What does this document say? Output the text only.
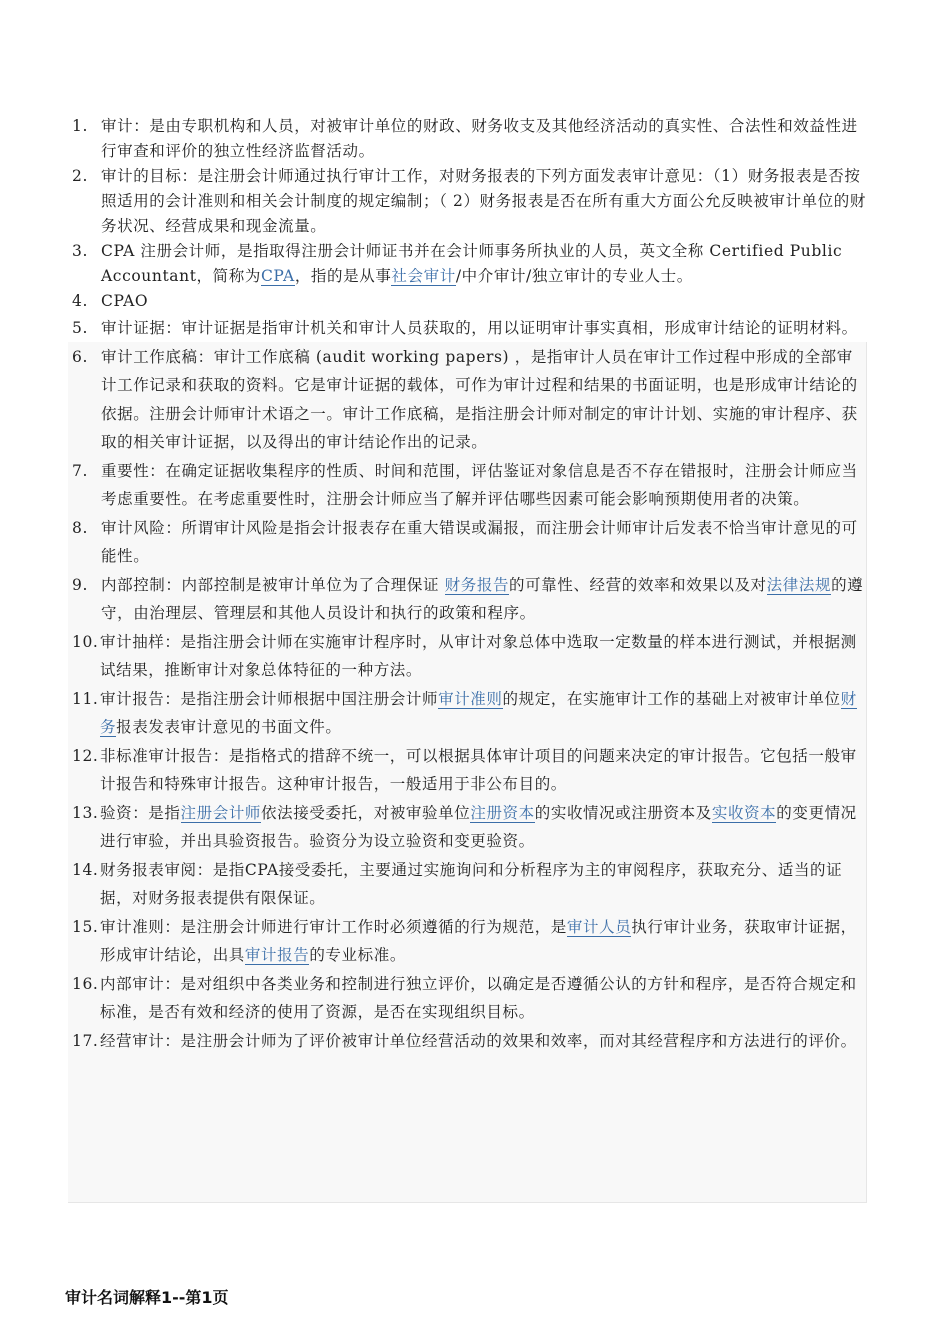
1. 审计：是由专职机构和人员，对被审计单位的财政、财务收支及其他经济活动的真实性、合法性和效益性进行审查和评价的独立性经济监督活动。
2. 审计的目标：是注册会计师通过执行审计工作，对财务报表的下列方面发表审计意见：（1）财务报表是否按照适用的会计准则和相关会计制度的规定编制；（ 2）财务报表是否在所有重大方面公允反映被审计单位的财务状况、经营成果和现金流量。
3. CPA 注册会计师，是指取得注册会计师证书并在会计师事务所执业的人员，英文全称 Certified Public Accountant，简称为CPA，指的是从事社会审计/中介审计/独立审计的专业人士。
4. CPAO
5. 审计证据：审计证据是指审计机关和审计人员获取的，用以证明审计事实真相，形成审计结论的证明材料。
6. 审计工作底稿：审计工作底稿 (audit working papers) ，是指审计人员在审计工作过程中形成的全部审计工作记录和获取的资料。它是审计证据的载体，可作为审计过程和结果的书面证明，也是形成审计结论的依据。注册会计师审计术语之一。审计工作底稿，是指注册会计师对制定的审计计划、实施的审计程序、获取的相关审计证据，以及得出的审计结论作出的记录。
7. 重要性：在确定证据收集程序的性质、时间和范围，评估鉴证对象信息是否不存在错报时，注册会计师应当考虑重要性。在考虑重要性时，注册会计师应当了解并评估哪些因素可能会影响预期使用者的决策。
8. 审计风险：所谓审计风险是指会计报表存在重大错误或漏报，而注册会计师审计后发表不恰当审计意见的可能性。
9. 内部控制：内部控制是被审计单位为了合理保证 财务报告的可靠性、经营的效率和效果以及对法律法规的遵守，由治理层、管理层和其他人员设计和执行的政策和程序。
10. 审计抽样：是指注册会计师在实施审计程序时，从审计对象总体中选取一定数量的样本进行测试，并根据测试结果，推断审计对象总体特征的一种方法。
11. 审计报告：是指注册会计师根据中国注册会计师审计准则的规定，在实施审计工作的基础上对被审计单位财务报表发表审计意见的书面文件。
12. 非标准审计报告：是指格式的措辞不统一，可以根据具体审计项目的问题来决定的审计报告。它包括一般审计报告和特殊审计报告。这种审计报告，一般适用于非公布目的。
13. 验资：是指注册会计师依法接受委托，对被审验单位注册资本的实收情况或注册资本及实收资本的变更情况进行审验，并出具验资报告。验资分为设立验资和变更验资。
14. 财务报表审阅：是指CPA接受委托，主要通过实施询问和分析程序为主的审阅程序，获取充分、适当的证据，对财务报表提供有限保证。
15. 审计准则：是注册会计师进行审计工作时必须遵循的行为规范，是审计人员执行审计业务，获取审计证据，形成审计结论，出具审计报告的专业标准。
16. 内部审计：是对组织中各类业务和控制进行独立评价，以确定是否遵循公认的方针和程序，是否符合规定和标准，是否有效和经济的使用了资源，是否在实现组织目标。
17. 经营审计：是注册会计师为了评价被审计单位经营活动的效果和效率，而对其经营程序和方法进行的评价。
审计名词解释1--第1页
